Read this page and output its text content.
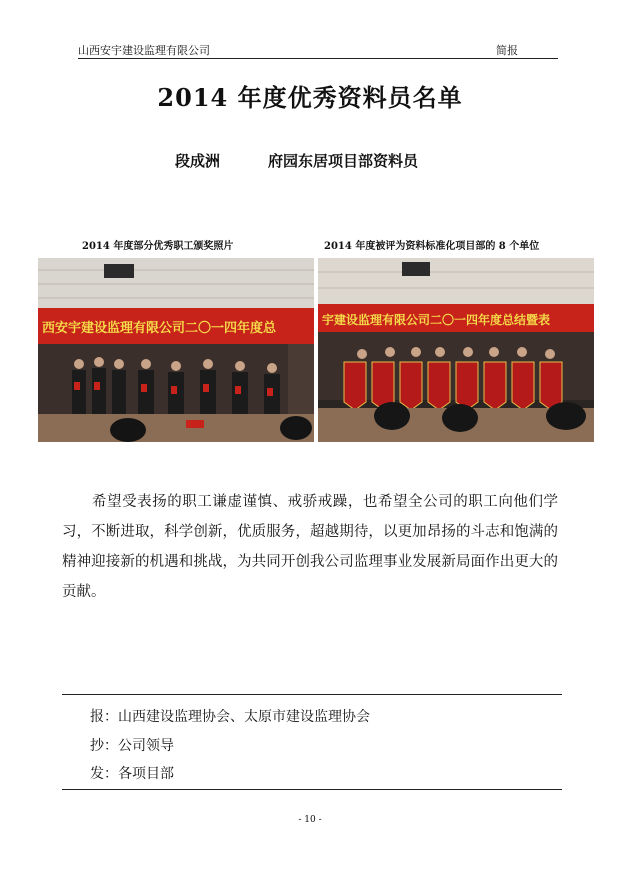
山西安宇建设监理有限公司	简报
2014 年度优秀资料员名单
段成洲	府园东居项目部资料员
2014 年度部分优秀职工颁奖照片	2014 年度被评为资料标准化项目部的 8 个单位
西安宇建设监理有限公司二〇一四年度总
宇建设监理有限公司二〇一四年度总结暨表
希望受表扬的职工谦虚谨慎、戒骄戒躁，也希望全公司的职工向他们学习，不断进取，科学创新，优质服务，超越期待，以更加昂扬的斗志和饱满的精神迎接新的机遇和挑战，为共同开创我公司监理事业发展新局面作出更大的贡献。
报：山西建设监理协会、太原市建设监理协会
抄：公司领导
发：各项目部
- 10 -
